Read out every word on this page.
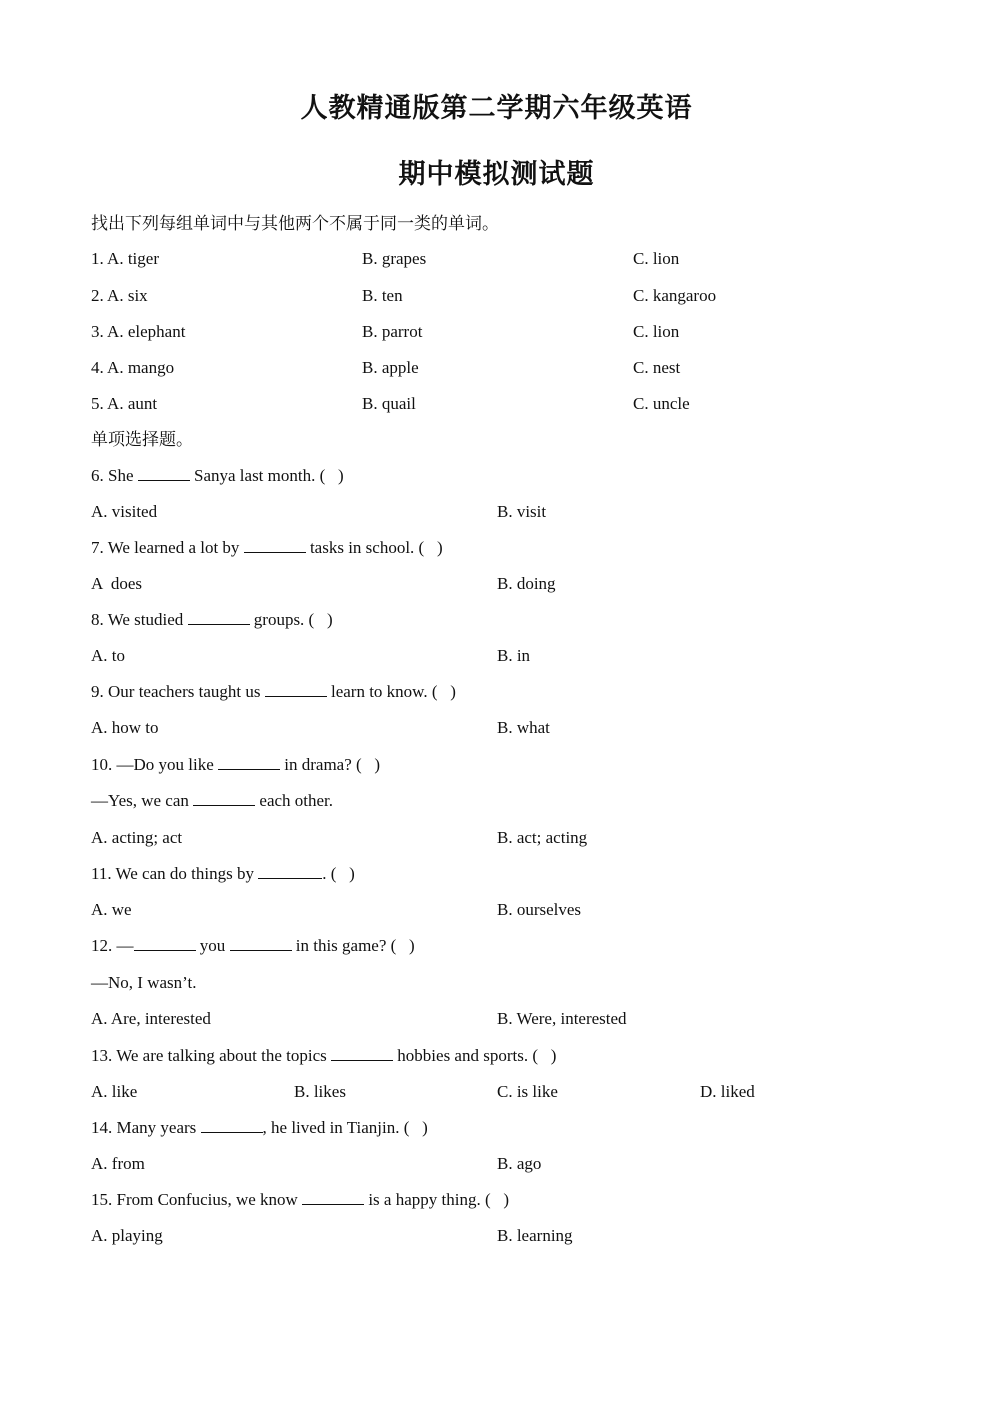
人教精通版第二学期六年级英语
期中模拟测试题
找出下列每组单词中与其他两个不属于同一类的单词。
1. A. tiger	B. grapes	C. lion
2. A. six	B. ten	C. kangaroo
3. A. elephant	B. parrot	C. lion
4. A. mango	B. apple	C. nest
5. A. aunt	B. quail	C. uncle
单项选择题。
6. She	Sanya last month. (   )
A. visited	B. visit
7. We learned a lot by	tasks in school. (   )
A  does	B. doing
8. We studied	groups. (   )
A. to	B. in
9. Our teachers taught us	learn to know. (   )
A. how to	B. what
10. —Do you like	in drama? (   )
—Yes, we can	each other.
A. acting; act	B. act; acting
11. We can do things by	. (   )
A. we	B. ourselves
12. —	you	in this game? (   )
—No, I wasn’t.
A. Are, interested	B. Were, interested
13. We are talking about the topics	hobbies and sports. (   )
A. like	B. likes	C. is like	D. liked
14. Many years	, he lived in Tianjin. (   )
A. from	B. ago
15. From Confucius, we know	is a happy thing. (   )
A. playing	B. learning
